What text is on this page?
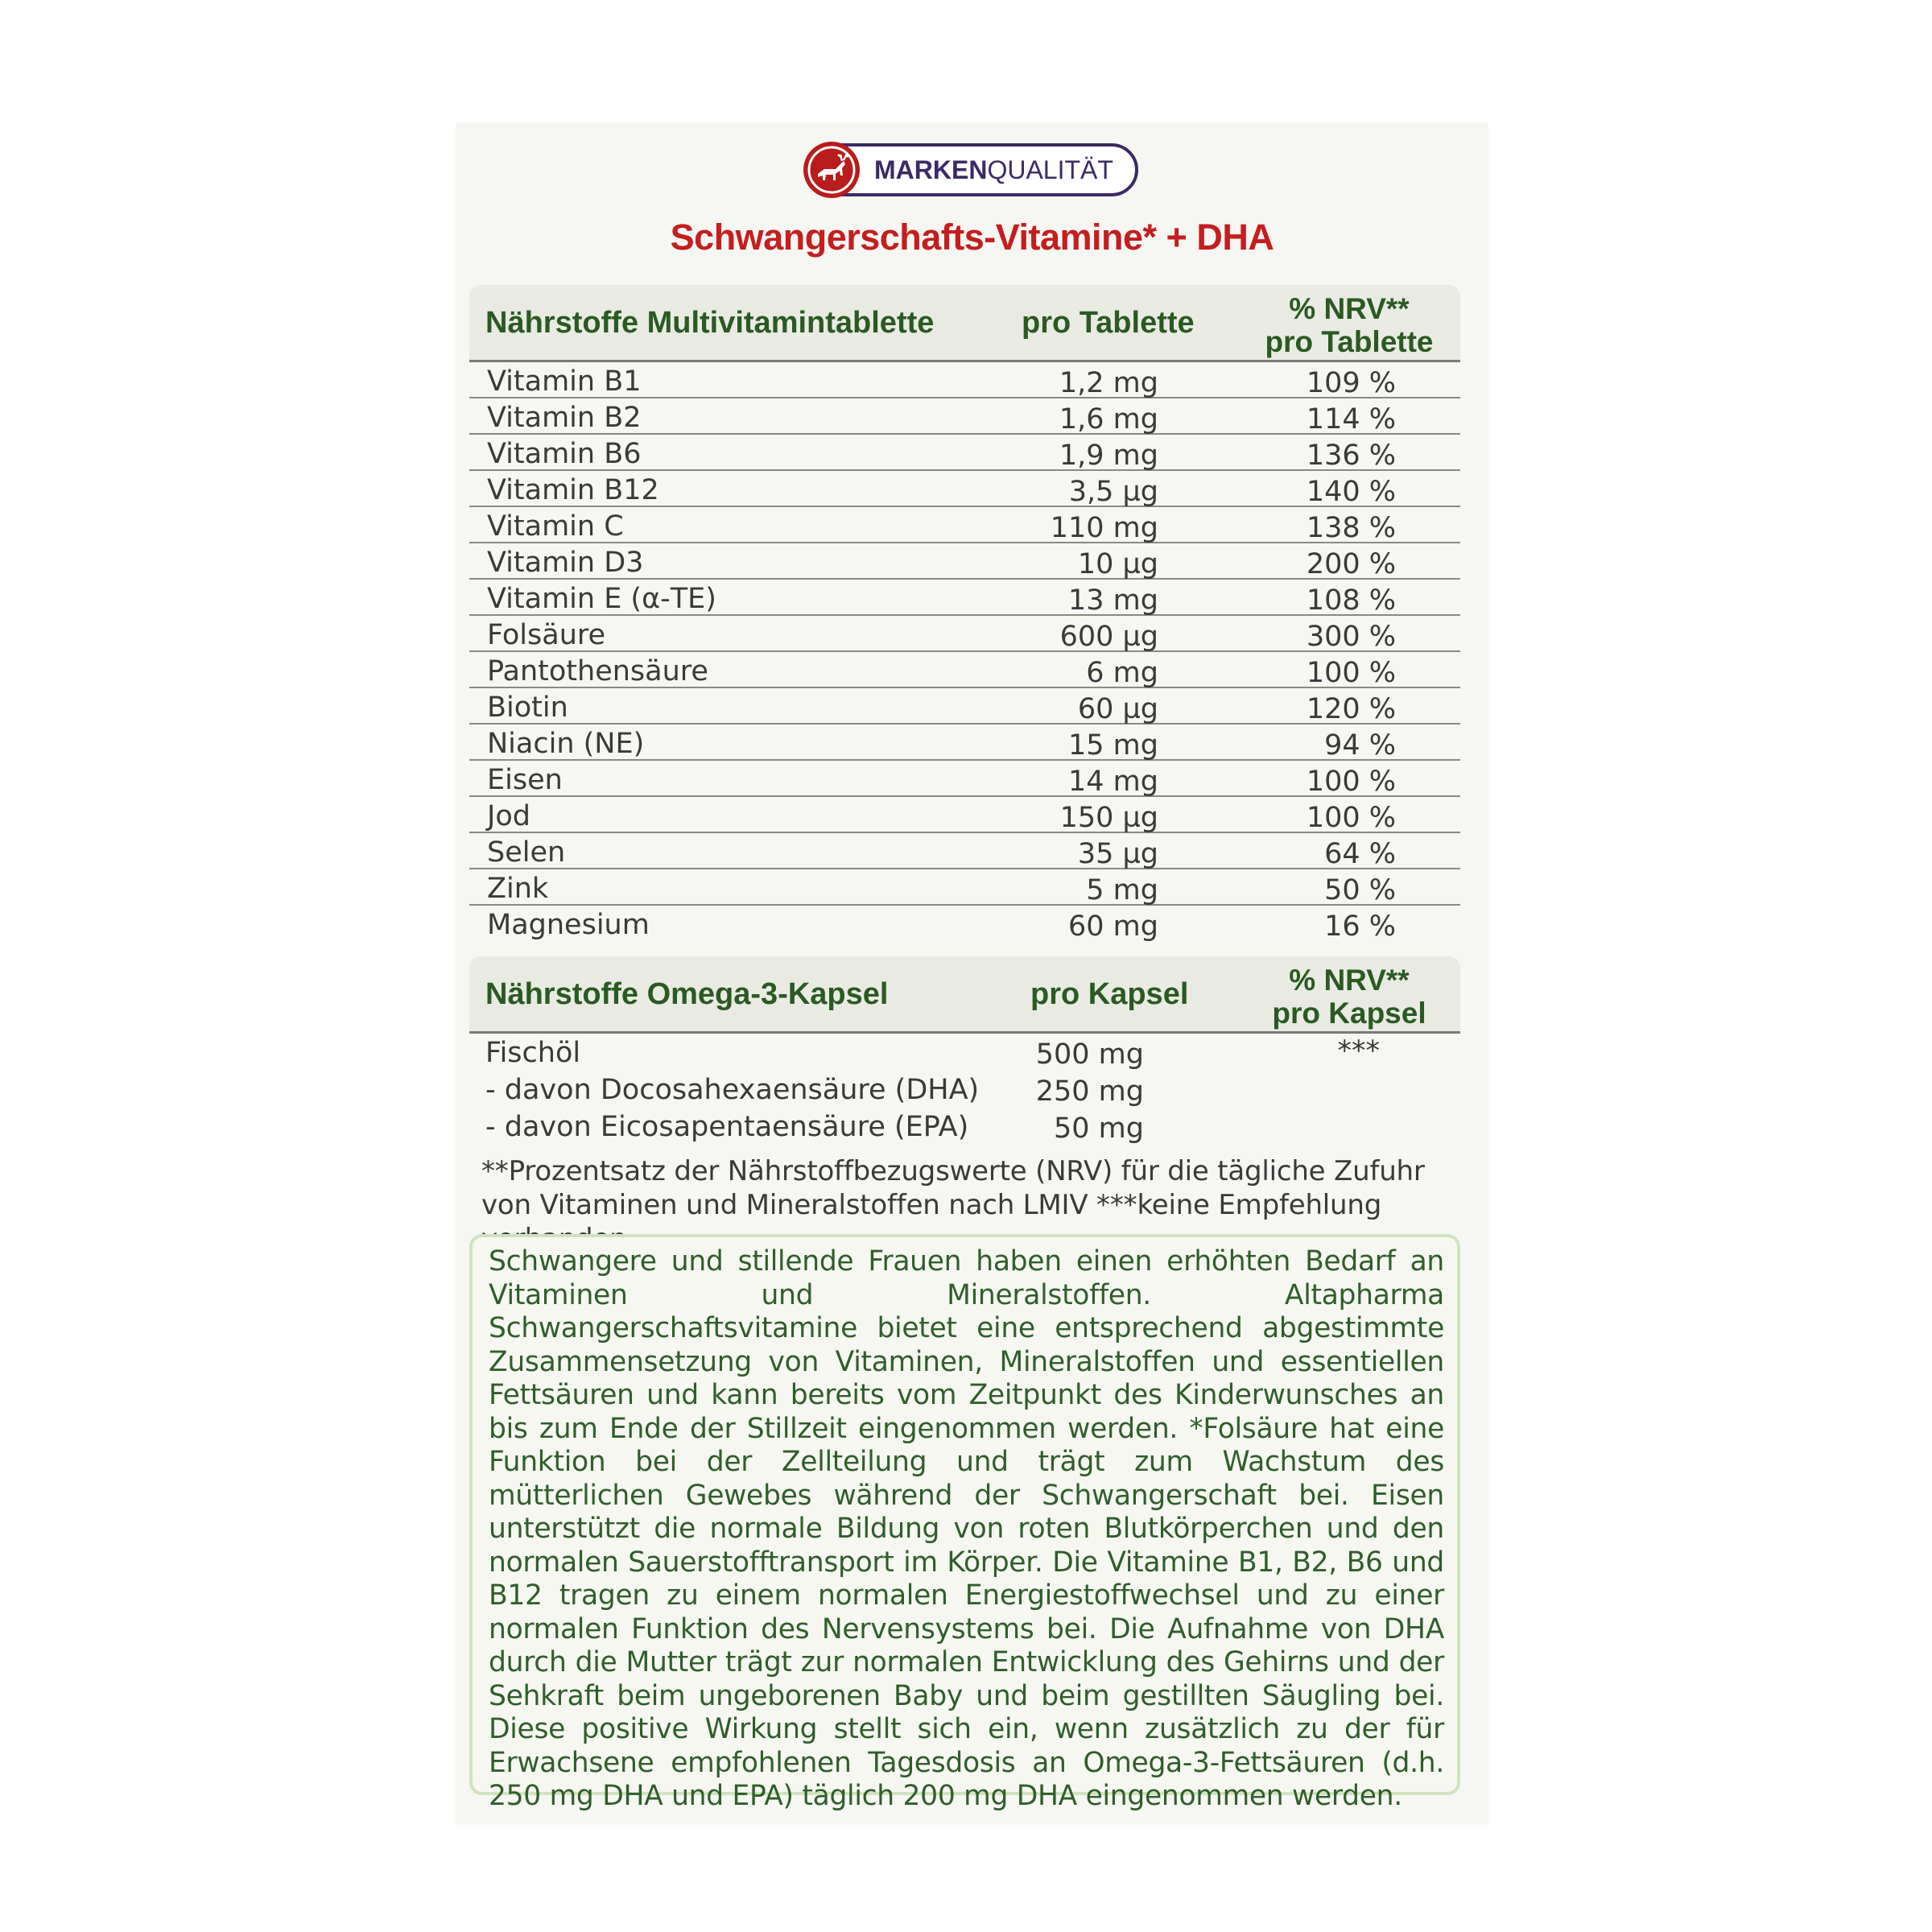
MARKENQUALITÄT
Schwangerschafts-Vitamine* + DHA
Nährstoffe Multivitamintablette	pro Tablette	% NRV**
pro Tablette
Vitamin B1	1,2 mg	109 %
Vitamin B2	1,6 mg	114 %
Vitamin B6	1,9 mg	136 %
Vitamin B12	3,5 µg	140 %
Vitamin C	110 mg	138 %
Vitamin D3	10 µg	200 %
Vitamin E (α-TE)	13 mg	108 %
Folsäure	600 µg	300 %
Pantothensäure	6 mg	100 %
Biotin	60 µg	120 %
Niacin (NE)	15 mg	94 %
Eisen	14 mg	100 %
Jod	150 µg	100 %
Selen	35 µg	64 %
Zink	5 mg	50 %
Magnesium	60 mg	16 %
Nährstoffe Omega-3-Kapsel	pro Kapsel	% NRV**
pro Kapsel
Fischöl	500 mg	***
- davon Docosahexaensäure (DHA) 250 mg
- davon Eicosapentaensäure (EPA)	50 mg
**Prozentsatz der Nährstoffbezugswerte (NRV) für die tägliche Zufuhr von Vitaminen und Mineralstoffen nach LMIV ***keine Empfehlung

Schwangere und stillende Frauen haben einen erhöhten Bedarf an Vitaminen und Mineralstoffen. Altapharma Schwangerschaftsvitamine bietet eine entsprechend abgestimmte Zusammensetzung von Vitaminen, Mineralstoffen und essentiellen Fettsäuren und kann bereits vom Zeitpunkt des Kinderwunsches an bis zum Ende der Stillzeit eingenommen werden. *Folsäure hat eine Funktion bei der Zellteilung und trägt zum Wachstum des mütterlichen Gewebes während der Schwangerschaft bei. Eisen unterstützt die normale Bildung von roten Blutkörperchen und den normalen Sauerstofftransport im Körper. Die Vitamine B1, B2, B6 und B12 tragen zu einem normalen Energiestoffwechsel und zu einer normalen Funktion des Nervensystems bei. Die Aufnahme von DHA durch die Mutter trägt zur normalen Entwicklung des Gehirns und der Sehkraft beim ungeborenen Baby und beim gestillten Säugling bei. Diese positive Wirkung stellt sich ein, wenn zusätzlich zu der für Erwachsene empfohlenen Tagesdosis an Omega-3-Fettsäuren (d.h. 250 mg DHA und EPA) täglich 200 mg DHA eingenommen werden.
